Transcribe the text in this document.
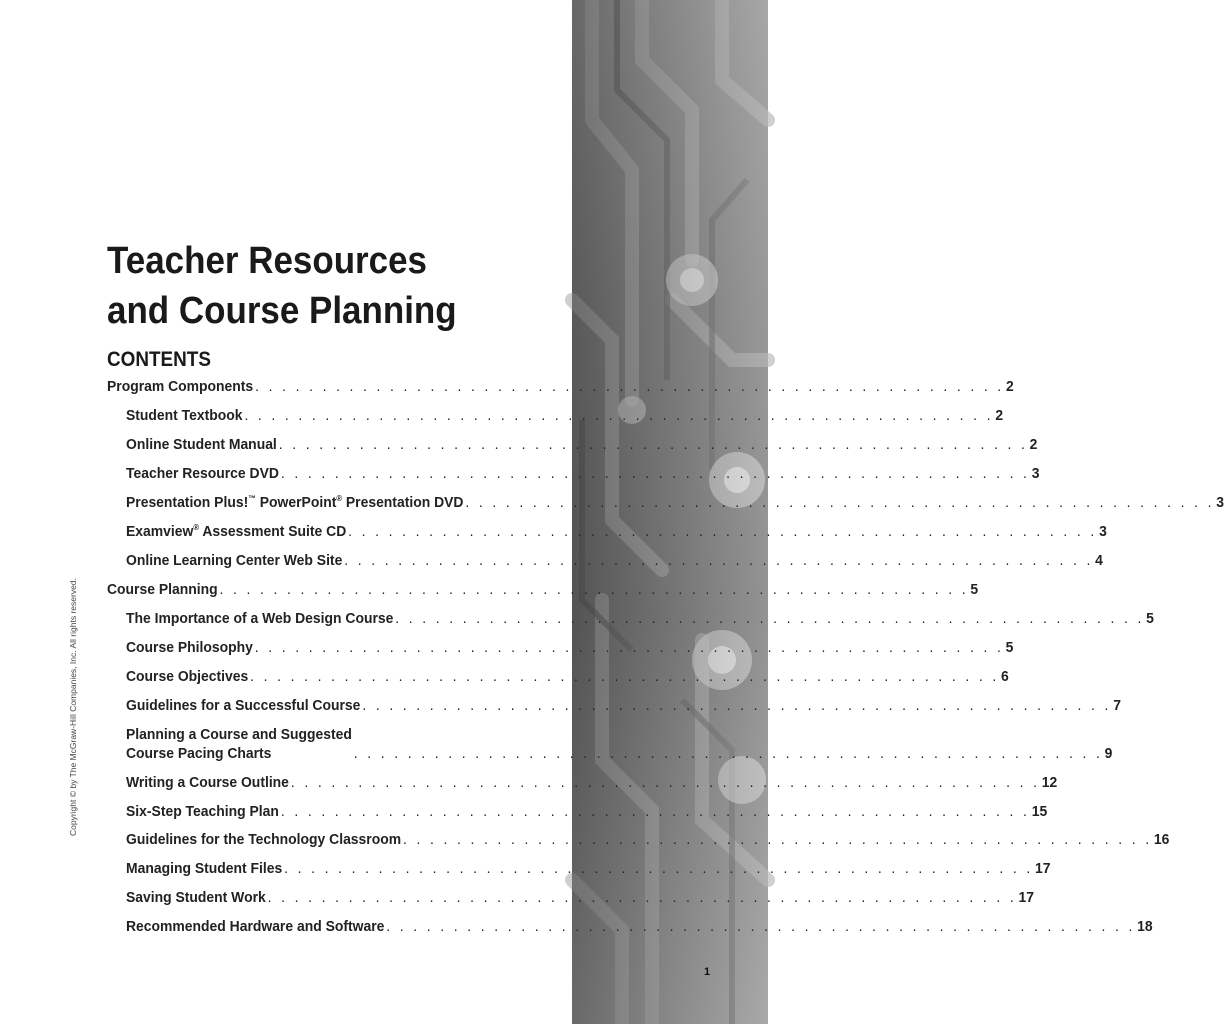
Teacher Resources
and Course Planning
CONTENTS
Program Components . . . . . . . . . . . . . . . . . . . . . . . . . . . . . . . . . . . . . . . . . . . . . . . . . . . . . . . . 2
Student Textbook . . . . . . . . . . . . . . . . . . . . . . . . . . . . . . . . . . . . . . . . . . . . . . . . . . . . . . . . 2
Online Student Manual . . . . . . . . . . . . . . . . . . . . . . . . . . . . . . . . . . . . . . . . . . . . . . . . . . . . . . . . 2
Teacher Resource DVD . . . . . . . . . . . . . . . . . . . . . . . . . . . . . . . . . . . . . . . . . . . . . . . . . . . . . . . . 3
Presentation Plus!™ PowerPoint® Presentation DVD . . . . . . . . . . . . . . . . . . . . . . . . . . . . . . . . . . . . . . . . . . . . . . . . . . . . . . . . 3
Examview® Assessment Suite CD . . . . . . . . . . . . . . . . . . . . . . . . . . . . . . . . . . . . . . . . . . . . . . . . . . . . . . . . 3
Online Learning Center Web Site . . . . . . . . . . . . . . . . . . . . . . . . . . . . . . . . . . . . . . . . . . . . . . . . . . . . . . . . 4
Course Planning . . . . . . . . . . . . . . . . . . . . . . . . . . . . . . . . . . . . . . . . . . . . . . . . . . . . . . . . 5
The Importance of a Web Design Course . . . . . . . . . . . . . . . . . . . . . . . . . . . . . . . . . . . . . . . . . . . . . . . . . . . . . . . . 5
Course Philosophy . . . . . . . . . . . . . . . . . . . . . . . . . . . . . . . . . . . . . . . . . . . . . . . . . . . . . . . . 5
Course Objectives . . . . . . . . . . . . . . . . . . . . . . . . . . . . . . . . . . . . . . . . . . . . . . . . . . . . . . . . 6
Guidelines for a Successful Course . . . . . . . . . . . . . . . . . . . . . . . . . . . . . . . . . . . . . . . . . . . . . . . . . . . . . . . . 7
Planning a Course and Suggested
Course Pacing Charts	. . . . . . . . . . . . . . . . . . . . . . . . . . . . . . . . . . . . . . . . . . . . . . . . . . . . . . . . 9
Writing a Course Outline . . . . . . . . . . . . . . . . . . . . . . . . . . . . . . . . . . . . . . . . . . . . . . . . . . . . . . . . 12
Six-Step Teaching Plan . . . . . . . . . . . . . . . . . . . . . . . . . . . . . . . . . . . . . . . . . . . . . . . . . . . . . . . . 15
Guidelines for the Technology Classroom . . . . . . . . . . . . . . . . . . . . . . . . . . . . . . . . . . . . . . . . . . . . . . . . . . . . . . . . 16
Managing Student Files . . . . . . . . . . . . . . . . . . . . . . . . . . . . . . . . . . . . . . . . . . . . . . . . . . . . . . . . 17
Saving Student Work . . . . . . . . . . . . . . . . . . . . . . . . . . . . . . . . . . . . . . . . . . . . . . . . . . . . . . . . 17
Recommended Hardware and Software . . . . . . . . . . . . . . . . . . . . . . . . . . . . . . . . . . . . . . . . . . . . . . . . . . . . . . . . 18
Copyright © by The McGraw-Hill Companies, Inc. All rights reserved.
1
